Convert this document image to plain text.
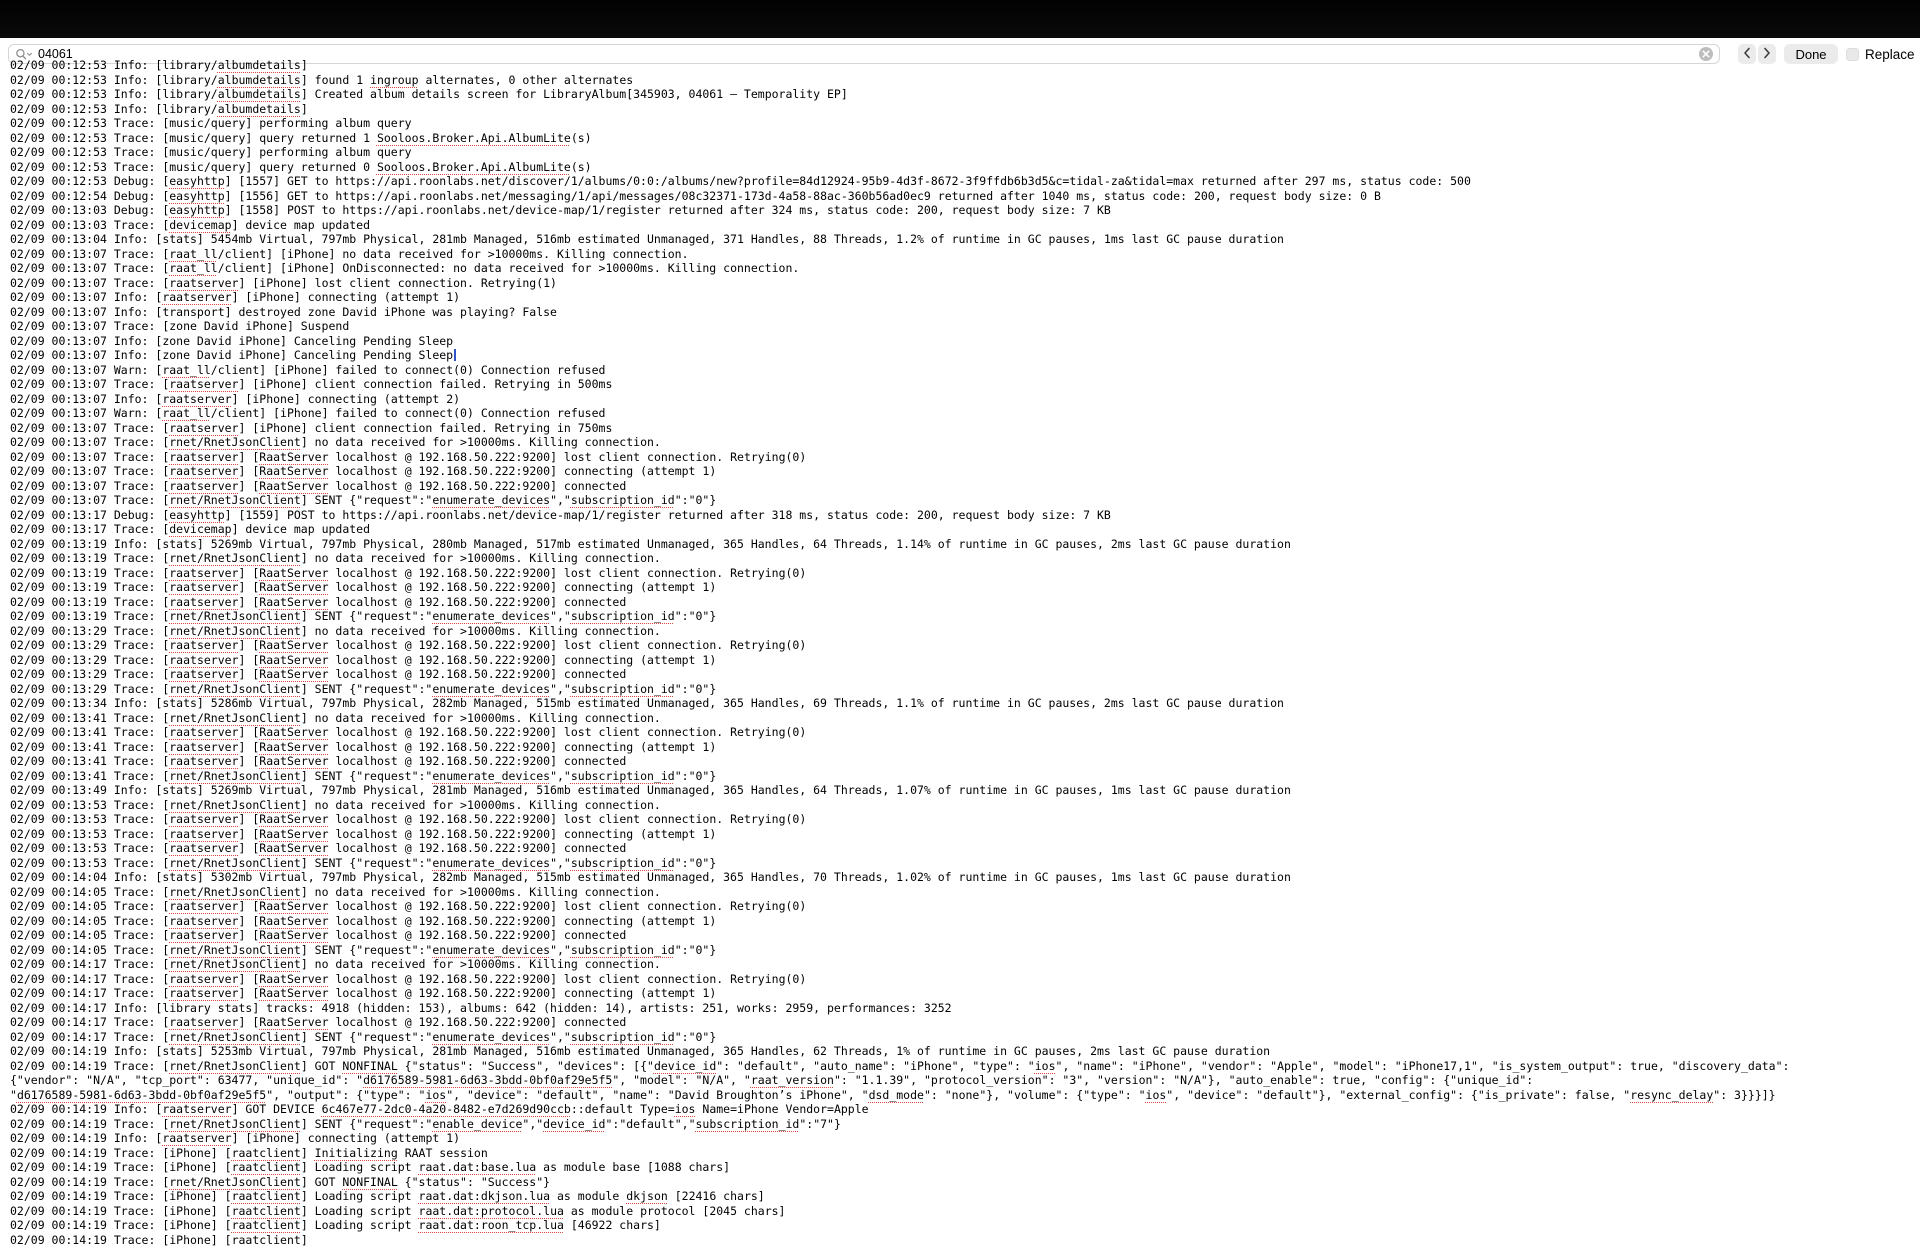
04061
Done	Replace
02/09 00:12:53 Info: [library/albumdetails]
02/09 00:12:53 Info: [library/albumdetails] found 1 ingroup alternates, 0 other alternates
02/09 00:12:53 Info: [library/albumdetails] Created album details screen for LibraryAlbum[345903, 04061 — Temporality EP]
02/09 00:12:53 Info: [library/albumdetails]
02/09 00:12:53 Trace: [music/query] performing album query
02/09 00:12:53 Trace: [music/query] query returned 1 Sooloos.Broker.Api.AlbumLite(s)
02/09 00:12:53 Trace: [music/query] performing album query
02/09 00:12:53 Trace: [music/query] query returned 0 Sooloos.Broker.Api.AlbumLite(s)
02/09 00:12:53 Debug: [easyhttp] [1557] GET to https://api.roonlabs.net/discover/1/albums/0:0:/albums/new?profile=84d12924-95b9-4d3f-8672-3f9ffdb6b3d5&c=tidal-za&tidal=max returned after 297 ms, status code: 500
02/09 00:12:54 Debug: [easyhttp] [1556] GET to https://api.roonlabs.net/messaging/1/api/messages/08c32371-173d-4a58-88ac-360b56ad0ec9 returned after 1040 ms, status code: 200, request body size: 0 B
02/09 00:13:03 Debug: [easyhttp] [1558] POST to https://api.roonlabs.net/device-map/1/register returned after 324 ms, status code: 200, request body size: 7 KB
02/09 00:13:03 Trace: [devicemap] device map updated
02/09 00:13:04 Info: [stats] 5454mb Virtual, 797mb Physical, 281mb Managed, 516mb estimated Unmanaged, 371 Handles, 88 Threads, 1.2% of runtime in GC pauses, 1ms last GC pause duration
02/09 00:13:07 Trace: [raat_ll/client] [iPhone] no data received for >10000ms. Killing connection.
02/09 00:13:07 Trace: [raat_ll/client] [iPhone] OnDisconnected: no data received for >10000ms. Killing connection.
02/09 00:13:07 Trace: [raatserver] [iPhone] lost client connection. Retrying(1)
02/09 00:13:07 Info: [raatserver] [iPhone] connecting (attempt 1)
02/09 00:13:07 Info: [transport] destroyed zone David iPhone was playing? False
02/09 00:13:07 Trace: [zone David iPhone] Suspend
02/09 00:13:07 Info: [zone David iPhone] Canceling Pending Sleep
02/09 00:13:07 Info: [zone David iPhone] Canceling Pending Sleep
02/09 00:13:07 Warn: [raat_ll/client] [iPhone] failed to connect(0) Connection refused
02/09 00:13:07 Trace: [raatserver] [iPhone] client connection failed. Retrying in 500ms
02/09 00:13:07 Info: [raatserver] [iPhone] connecting (attempt 2)
02/09 00:13:07 Warn: [raat_ll/client] [iPhone] failed to connect(0) Connection refused
02/09 00:13:07 Trace: [raatserver] [iPhone] client connection failed. Retrying in 750ms
02/09 00:13:07 Trace: [rnet/RnetJsonClient] no data received for >10000ms. Killing connection.
02/09 00:13:07 Trace: [raatserver] [RaatServer localhost @ 192.168.50.222:9200] lost client connection. Retrying(0)
02/09 00:13:07 Trace: [raatserver] [RaatServer localhost @ 192.168.50.222:9200] connecting (attempt 1)
02/09 00:13:07 Trace: [raatserver] [RaatServer localhost @ 192.168.50.222:9200] connected
02/09 00:13:07 Trace: [rnet/RnetJsonClient] SENT {"request":"enumerate_devices","subscription_id":"0"}
02/09 00:13:17 Debug: [easyhttp] [1559] POST to https://api.roonlabs.net/device-map/1/register returned after 318 ms, status code: 200, request body size: 7 KB
02/09 00:13:17 Trace: [devicemap] device map updated
02/09 00:13:19 Info: [stats] 5269mb Virtual, 797mb Physical, 280mb Managed, 517mb estimated Unmanaged, 365 Handles, 64 Threads, 1.14% of runtime in GC pauses, 2ms last GC pause duration
02/09 00:13:19 Trace: [rnet/RnetJsonClient] no data received for >10000ms. Killing connection.
02/09 00:13:19 Trace: [raatserver] [RaatServer localhost @ 192.168.50.222:9200] lost client connection. Retrying(0)
02/09 00:13:19 Trace: [raatserver] [RaatServer localhost @ 192.168.50.222:9200] connecting (attempt 1)
02/09 00:13:19 Trace: [raatserver] [RaatServer localhost @ 192.168.50.222:9200] connected
02/09 00:13:19 Trace: [rnet/RnetJsonClient] SENT {"request":"enumerate_devices","subscription_id":"0"}
02/09 00:13:29 Trace: [rnet/RnetJsonClient] no data received for >10000ms. Killing connection.
02/09 00:13:29 Trace: [raatserver] [RaatServer localhost @ 192.168.50.222:9200] lost client connection. Retrying(0)
02/09 00:13:29 Trace: [raatserver] [RaatServer localhost @ 192.168.50.222:9200] connecting (attempt 1)
02/09 00:13:29 Trace: [raatserver] [RaatServer localhost @ 192.168.50.222:9200] connected
02/09 00:13:29 Trace: [rnet/RnetJsonClient] SENT {"request":"enumerate_devices","subscription_id":"0"}
02/09 00:13:34 Info: [stats] 5286mb Virtual, 797mb Physical, 282mb Managed, 515mb estimated Unmanaged, 365 Handles, 69 Threads, 1.1% of runtime in GC pauses, 2ms last GC pause duration
02/09 00:13:41 Trace: [rnet/RnetJsonClient] no data received for >10000ms. Killing connection.
02/09 00:13:41 Trace: [raatserver] [RaatServer localhost @ 192.168.50.222:9200] lost client connection. Retrying(0)
02/09 00:13:41 Trace: [raatserver] [RaatServer localhost @ 192.168.50.222:9200] connecting (attempt 1)
02/09 00:13:41 Trace: [raatserver] [RaatServer localhost @ 192.168.50.222:9200] connected
02/09 00:13:41 Trace: [rnet/RnetJsonClient] SENT {"request":"enumerate_devices","subscription_id":"0"}
02/09 00:13:49 Info: [stats] 5269mb Virtual, 797mb Physical, 281mb Managed, 516mb estimated Unmanaged, 365 Handles, 64 Threads, 1.07% of runtime in GC pauses, 1ms last GC pause duration
02/09 00:13:53 Trace: [rnet/RnetJsonClient] no data received for >10000ms. Killing connection.
02/09 00:13:53 Trace: [raatserver] [RaatServer localhost @ 192.168.50.222:9200] lost client connection. Retrying(0)
02/09 00:13:53 Trace: [raatserver] [RaatServer localhost @ 192.168.50.222:9200] connecting (attempt 1)
02/09 00:13:53 Trace: [raatserver] [RaatServer localhost @ 192.168.50.222:9200] connected
02/09 00:13:53 Trace: [rnet/RnetJsonClient] SENT {"request":"enumerate_devices","subscription_id":"0"}
02/09 00:14:04 Info: [stats] 5302mb Virtual, 797mb Physical, 282mb Managed, 515mb estimated Unmanaged, 365 Handles, 70 Threads, 1.02% of runtime in GC pauses, 1ms last GC pause duration
02/09 00:14:05 Trace: [rnet/RnetJsonClient] no data received for >10000ms. Killing connection.
02/09 00:14:05 Trace: [raatserver] [RaatServer localhost @ 192.168.50.222:9200] lost client connection. Retrying(0)
02/09 00:14:05 Trace: [raatserver] [RaatServer localhost @ 192.168.50.222:9200] connecting (attempt 1)
02/09 00:14:05 Trace: [raatserver] [RaatServer localhost @ 192.168.50.222:9200] connected
02/09 00:14:05 Trace: [rnet/RnetJsonClient] SENT {"request":"enumerate_devices","subscription_id":"0"}
02/09 00:14:17 Trace: [rnet/RnetJsonClient] no data received for >10000ms. Killing connection.
02/09 00:14:17 Trace: [raatserver] [RaatServer localhost @ 192.168.50.222:9200] lost client connection. Retrying(0)
02/09 00:14:17 Trace: [raatserver] [RaatServer localhost @ 192.168.50.222:9200] connecting (attempt 1)
02/09 00:14:17 Info: [library stats] tracks: 4918 (hidden: 153), albums: 642 (hidden: 14), artists: 251, works: 2959, performances: 3252
02/09 00:14:17 Trace: [raatserver] [RaatServer localhost @ 192.168.50.222:9200] connected
02/09 00:14:17 Trace: [rnet/RnetJsonClient] SENT {"request":"enumerate_devices","subscription_id":"0"}
02/09 00:14:19 Info: [stats] 5253mb Virtual, 797mb Physical, 281mb Managed, 516mb estimated Unmanaged, 365 Handles, 62 Threads, 1% of runtime in GC pauses, 2ms last GC pause duration
02/09 00:14:19 Trace: [rnet/RnetJsonClient] GOT NONFINAL {"status": "Success", "devices": [{"device_id": "default", "auto_name": "iPhone", "type": "ios", "name": "iPhone", "vendor": "Apple", "model": "iPhone17,1", "is_system_output": true, "discovery_data":
{"vendor": "N/A", "tcp_port": 63477, "unique_id": "d6176589-5981-6d63-3bdd-0bf0af29e5f5", "model": "N/A", "raat_version": "1.1.39", "protocol_version": "3", "version": "N/A"}, "auto_enable": true, "config": {"unique_id":
"d6176589-5981-6d63-3bdd-0bf0af29e5f5", "output": {"type": "ios", "device": "default", "name": "David Broughton’s iPhone", "dsd_mode": "none"}, "volume": {"type": "ios", "device": "default"}, "external_config": {"is_private": false, "resync_delay": 3}}}]}
02/09 00:14:19 Info: [raatserver] GOT DEVICE 6c467e77-2dc0-4a20-8482-e7d269d90ccb::default Type=ios Name=iPhone Vendor=Apple
02/09 00:14:19 Trace: [rnet/RnetJsonClient] SENT {"request":"enable_device","device_id":"default","subscription_id":"7"}
02/09 00:14:19 Info: [raatserver] [iPhone] connecting (attempt 1)
02/09 00:14:19 Trace: [iPhone] [raatclient] Initializing RAAT session
02/09 00:14:19 Trace: [iPhone] [raatclient] Loading script raat.dat:base.lua as module base [1088 chars]
02/09 00:14:19 Trace: [rnet/RnetJsonClient] GOT NONFINAL {"status": "Success"}
02/09 00:14:19 Trace: [iPhone] [raatclient] Loading script raat.dat:dkjson.lua as module dkjson [22416 chars]
02/09 00:14:19 Trace: [iPhone] [raatclient] Loading script raat.dat:protocol.lua as module protocol [2045 chars]
02/09 00:14:19 Trace: [iPhone] [raatclient] Loading script raat.dat:roon_tcp.lua [46922 chars]
02/09 00:14:19 Trace: [iPhone] [raatclient]
